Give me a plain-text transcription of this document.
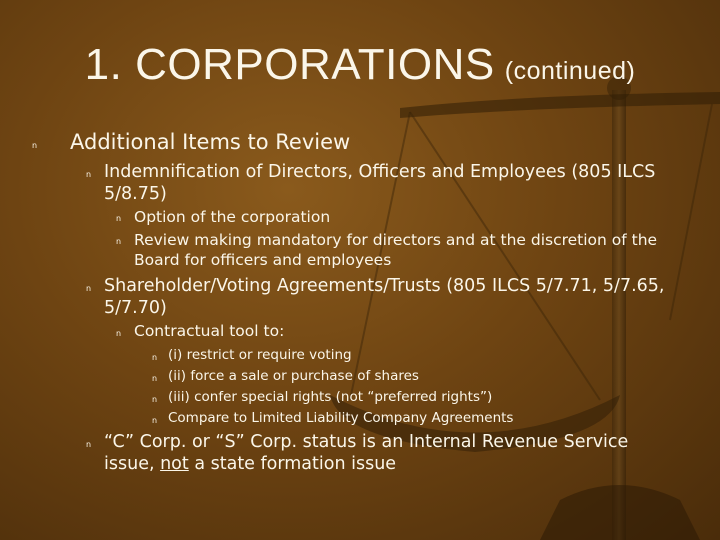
1. CORPORATIONS (continued)
n Additional Items to Review
n Indemnification of Directors, Officers and Employees (805 ILCS
5/8.75)
n Option of the corporation
n Review making mandatory for directors and at the discretion of the
Board for officers and employees
n Shareholder/Voting Agreements/Trusts (805 ILCS 5/7.71, 5/7.65,
5/7.70)
n Contractual tool to:
n (i) restrict or require voting
n (ii) force a sale or purchase of shares
n (iii) confer special rights (not “preferred rights”)
n Compare to Limited Liability Company Agreements
n “C” Corp. or “S” Corp. status is an Internal Revenue Service
issue, not a state formation issue
